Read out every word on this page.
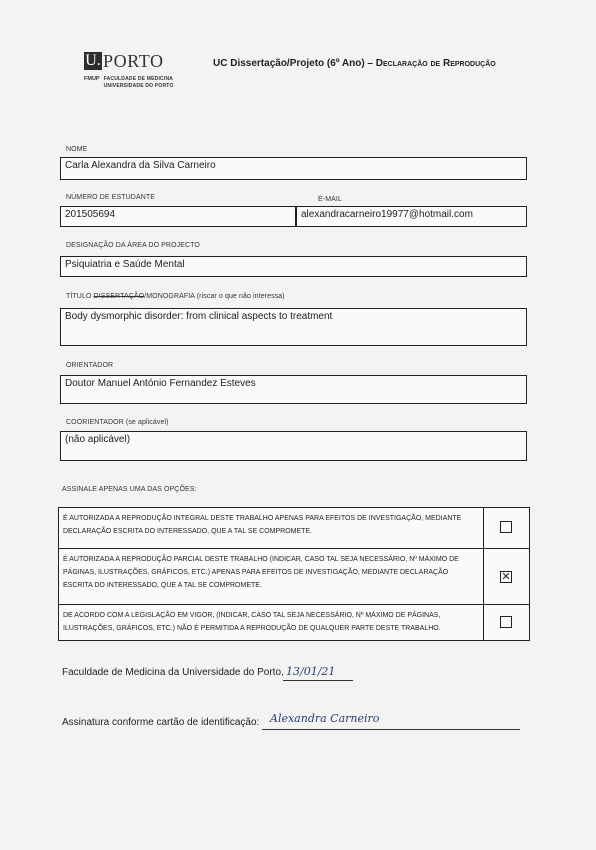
U. PORTO
FMUP FACULDADE DE MEDICINA
UNIVERSIDADE DO PORTO
UC Dissertação/Projeto (6º Ano) – Declaração de Reprodução
NOME
Carla Alexandra da Silva Carneiro
NÚMERO DE ESTUDANTE	E-MAIL
201505694	alexandracarneiro19977@hotmail.com
DESIGNAÇÃO DA ÁREA DO PROJECTO
Psiquiatria e Saúde Mental
TÍTULO DISSERTAÇÃO/MONOGRAFIA (riscar o que não interessa)
Body dysmorphic disorder: from clinical aspects to treatment
ORIENTADOR
Doutor Manuel António Fernandez Esteves
COORIENTADOR (se aplicável)
(não aplicável)
ASSINALE APENAS UMA DAS OPÇÕES:
É AUTORIZADA A REPRODUÇÃO INTEGRAL DESTE TRABALHO APENAS PARA EFEITOS DE INVESTIGAÇÃO, MEDIANTE DECLARAÇÃO ESCRITA DO INTERESSADO, QUE A TAL SE COMPROMETE.
É AUTORIZADA A REPRODUÇÃO PARCIAL DESTE TRABALHO (INDICAR, CASO TAL SEJA NECESSÁRIO, Nº MÁXIMO DE PÁGINAS, ILUSTRAÇÕES, GRÁFICOS, ETC.) APENAS PARA EFEITOS DE INVESTIGAÇÃO, MEDIANTE DECLARAÇÃO ESCRITA DO INTERESSADO, QUE A TAL SE COMPROMETE.
✕
DE ACORDO COM A LEGISLAÇÃO EM VIGOR, (INDICAR, CASO TAL SEJA NECESSÁRIO, Nº MÁXIMO DE PÁGINAS, ILUSTRAÇÕES, GRÁFICOS, ETC.) NÃO É PERMITIDA A REPRODUÇÃO DE QUALQUER PARTE DESTE TRABALHO.
Faculdade de Medicina da Universidade do Porto, 13/01/21
Assinatura conforme cartão de identificação: Alexandra Carneiro
